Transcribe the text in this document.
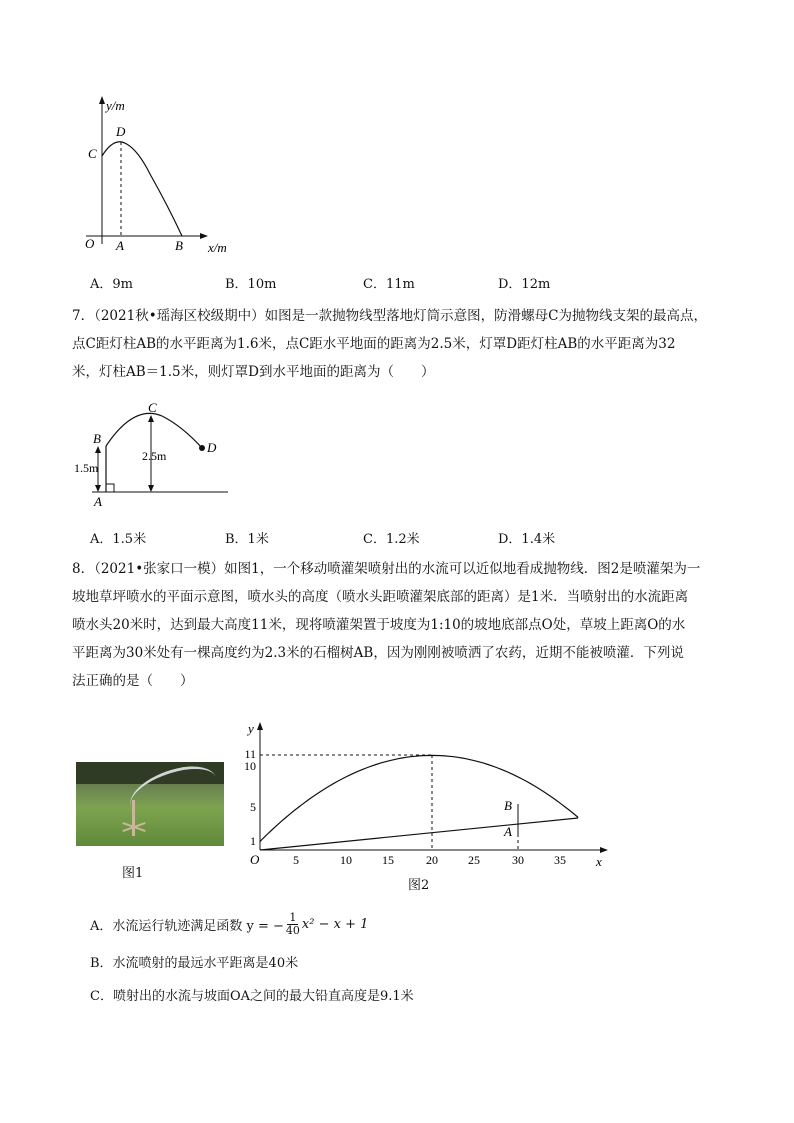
y/m
x/m
C
D
O A	B
A．9m	B．10m	C．11m	D．12m
7．（2021秋•瑶海区校级期中）如图是一款抛物线型落地灯筒示意图，防滑螺母C为抛物线支架的最高点，
点C距灯柱AB的水平距离为1.6米，点C距水平地面的距离为2.5米，灯罩D距灯柱AB的水平距离为32
米，灯柱AB＝1.5米，则灯罩D到水平地面的距离为（　　）
C
B
D
A
1.5m
2.5m
A．1.5米	B．1米	C．1.2米	D．1.4米
8．（2021•张家口一模）如图1，一个移动喷灌架喷射出的水流可以近似地看成抛物线．图2是喷灌架为一
坡地草坪喷水的平面示意图，喷水头的高度（喷水头距喷灌架底部的距离）是1米．当喷射出的水流距离
喷水头20米时，达到最大高度11米，现将喷灌架置于坡度为1:10的坡地底部点O处，草坡上距离O的水
平距离为30米处有一棵高度约为2.3米的石榴树AB，因为刚刚被喷洒了农药，近期不能被喷灌．下列说
法正确的是（　　）
图1
y
x
O	5	10	15	20	25	30	35
1
5
10
11
B
A
图2
A．水流运行轨迹满足函数 y = − $\frac{1}{40} x^2 - x + 1$
B．水流喷射的最远水平距离是40米
C．喷射出的水流与坡面OA之间的最大铅直高度是9.1米
